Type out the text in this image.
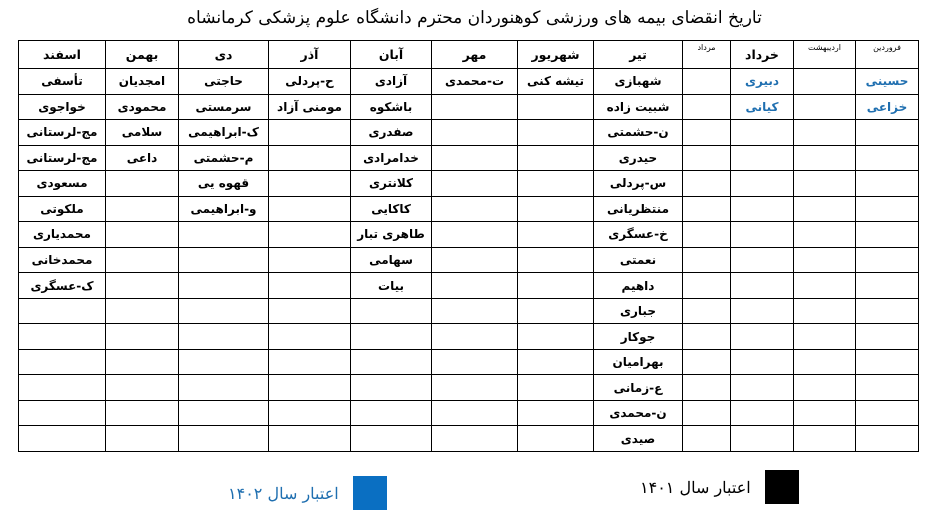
تاریخ انقضای بیمه های ورزشی کوهنوردان محترم دانشگاه علوم پزشکی کرمانشاه
فروردین	اردیبهشت	خرداد	مرداد	تیر	شهریور	مهر	آبان	آذر	دی	بهمن	اسفند
حسینی		دبیری		شهبازی	تیشه کنی	ت-محمدی	آزادی	ح-پردلی	حاجتی	امجدیان	تأسفی
خزاعی		کیانی		شبیت زاده			باشکوه	مومنی آزاد	سرمستی	محمودی	خواجوی
				ن-حشمتی			صفدری		ک-ابراهیمی	سلامی	مج-لرستانی
				حیدری			خدامرادی		م-حشمتی	داعی	مج-لرستانی
				س-پردلی			کلانتری		قهوه یی		مسعودی
				منتظریانی			کاکایی		و-ابراهیمی		ملکوتی
				خ-عسگری			طاهری تبار				محمدیاری
				نعمتی			سهامی				محمدخانی
				داهیم			بیات				ک-عسگری
				جباری							
				جوکار							
				بهرامیان							
				ع-زمانی							
				ن-محمدی							
				صیدی							
اعتبار سال ۱۴۰۱
اعتبار سال ۱۴۰۲
